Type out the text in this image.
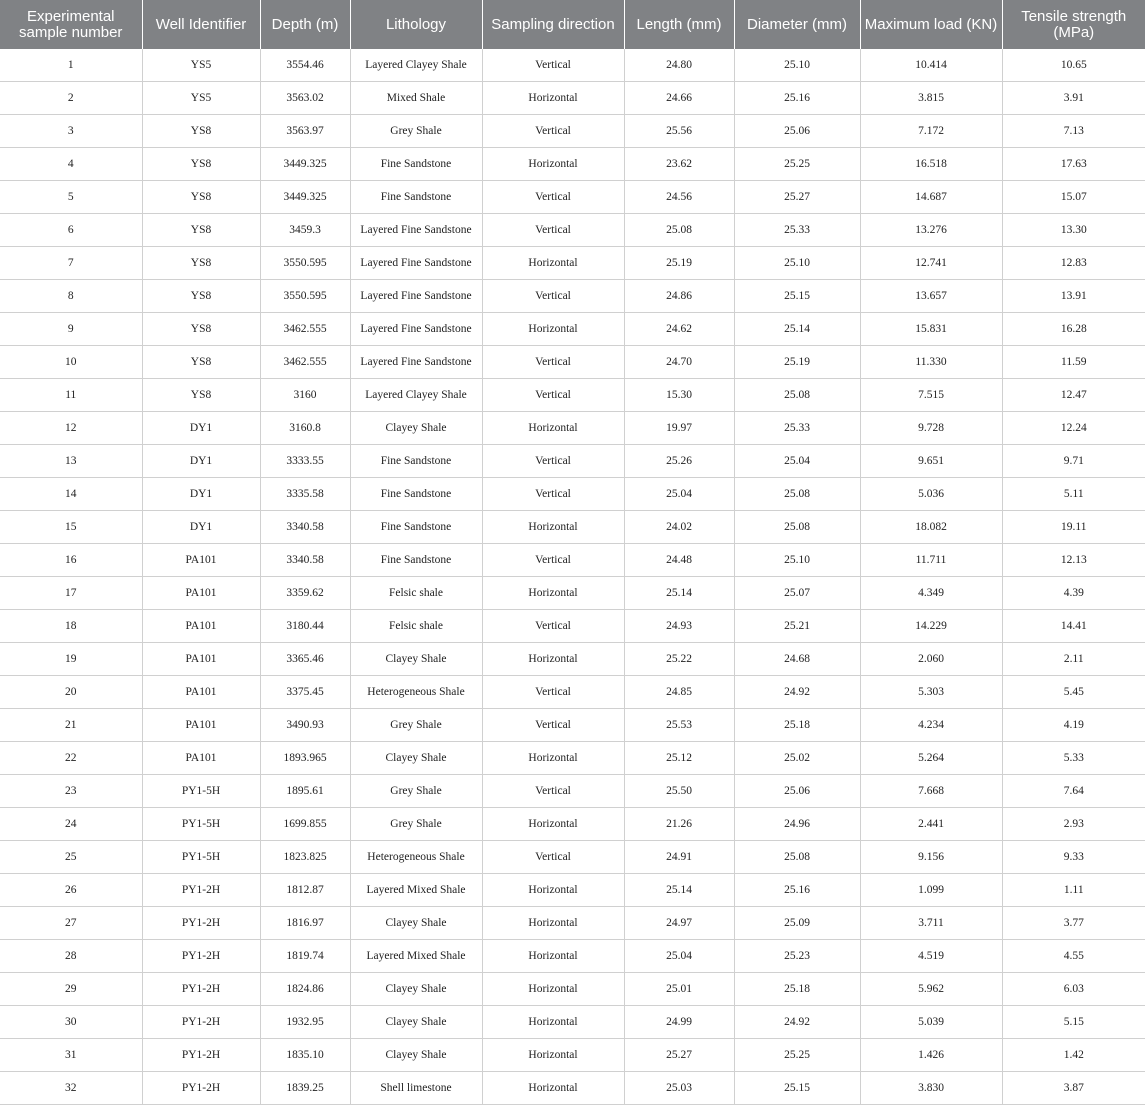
Experimental sample number	Well Identifier	Depth (m)	Lithology	Sampling direction	Length (mm)	Diameter (mm)	Maximum load (KN)	Tensile strength (MPa)
1	YS5	3554.46	Layered Clayey Shale	Vertical	24.80	25.10	10.414	10.65
2	YS5	3563.02	Mixed Shale	Horizontal	24.66	25.16	3.815	3.91
3	YS8	3563.97	Grey Shale	Vertical	25.56	25.06	7.172	7.13
4	YS8	3449.325	Fine Sandstone	Horizontal	23.62	25.25	16.518	17.63
5	YS8	3449.325	Fine Sandstone	Vertical	24.56	25.27	14.687	15.07
6	YS8	3459.3	Layered Fine Sandstone	Vertical	25.08	25.33	13.276	13.30
7	YS8	3550.595	Layered Fine Sandstone	Horizontal	25.19	25.10	12.741	12.83
8	YS8	3550.595	Layered Fine Sandstone	Vertical	24.86	25.15	13.657	13.91
9	YS8	3462.555	Layered Fine Sandstone	Horizontal	24.62	25.14	15.831	16.28
10	YS8	3462.555	Layered Fine Sandstone	Vertical	24.70	25.19	11.330	11.59
11	YS8	3160	Layered Clayey Shale	Vertical	15.30	25.08	7.515	12.47
12	DY1	3160.8	Clayey Shale	Horizontal	19.97	25.33	9.728	12.24
13	DY1	3333.55	Fine Sandstone	Vertical	25.26	25.04	9.651	9.71
14	DY1	3335.58	Fine Sandstone	Vertical	25.04	25.08	5.036	5.11
15	DY1	3340.58	Fine Sandstone	Horizontal	24.02	25.08	18.082	19.11
16	PA101	3340.58	Fine Sandstone	Vertical	24.48	25.10	11.711	12.13
17	PA101	3359.62	Felsic shale	Horizontal	25.14	25.07	4.349	4.39
18	PA101	3180.44	Felsic shale	Vertical	24.93	25.21	14.229	14.41
19	PA101	3365.46	Clayey Shale	Horizontal	25.22	24.68	2.060	2.11
20	PA101	3375.45	Heterogeneous Shale	Vertical	24.85	24.92	5.303	5.45
21	PA101	3490.93	Grey Shale	Vertical	25.53	25.18	4.234	4.19
22	PA101	1893.965	Clayey Shale	Horizontal	25.12	25.02	5.264	5.33
23	PY1-5H	1895.61	Grey Shale	Vertical	25.50	25.06	7.668	7.64
24	PY1-5H	1699.855	Grey Shale	Horizontal	21.26	24.96	2.441	2.93
25	PY1-5H	1823.825	Heterogeneous Shale	Vertical	24.91	25.08	9.156	9.33
26	PY1-2H	1812.87	Layered Mixed Shale	Horizontal	25.14	25.16	1.099	1.11
27	PY1-2H	1816.97	Clayey Shale	Horizontal	24.97	25.09	3.711	3.77
28	PY1-2H	1819.74	Layered Mixed Shale	Horizontal	25.04	25.23	4.519	4.55
29	PY1-2H	1824.86	Clayey Shale	Horizontal	25.01	25.18	5.962	6.03
30	PY1-2H	1932.95	Clayey Shale	Horizontal	24.99	24.92	5.039	5.15
31	PY1-2H	1835.10	Clayey Shale	Horizontal	25.27	25.25	1.426	1.42
32	PY1-2H	1839.25	Shell limestone	Horizontal	25.03	25.15	3.830	3.87
